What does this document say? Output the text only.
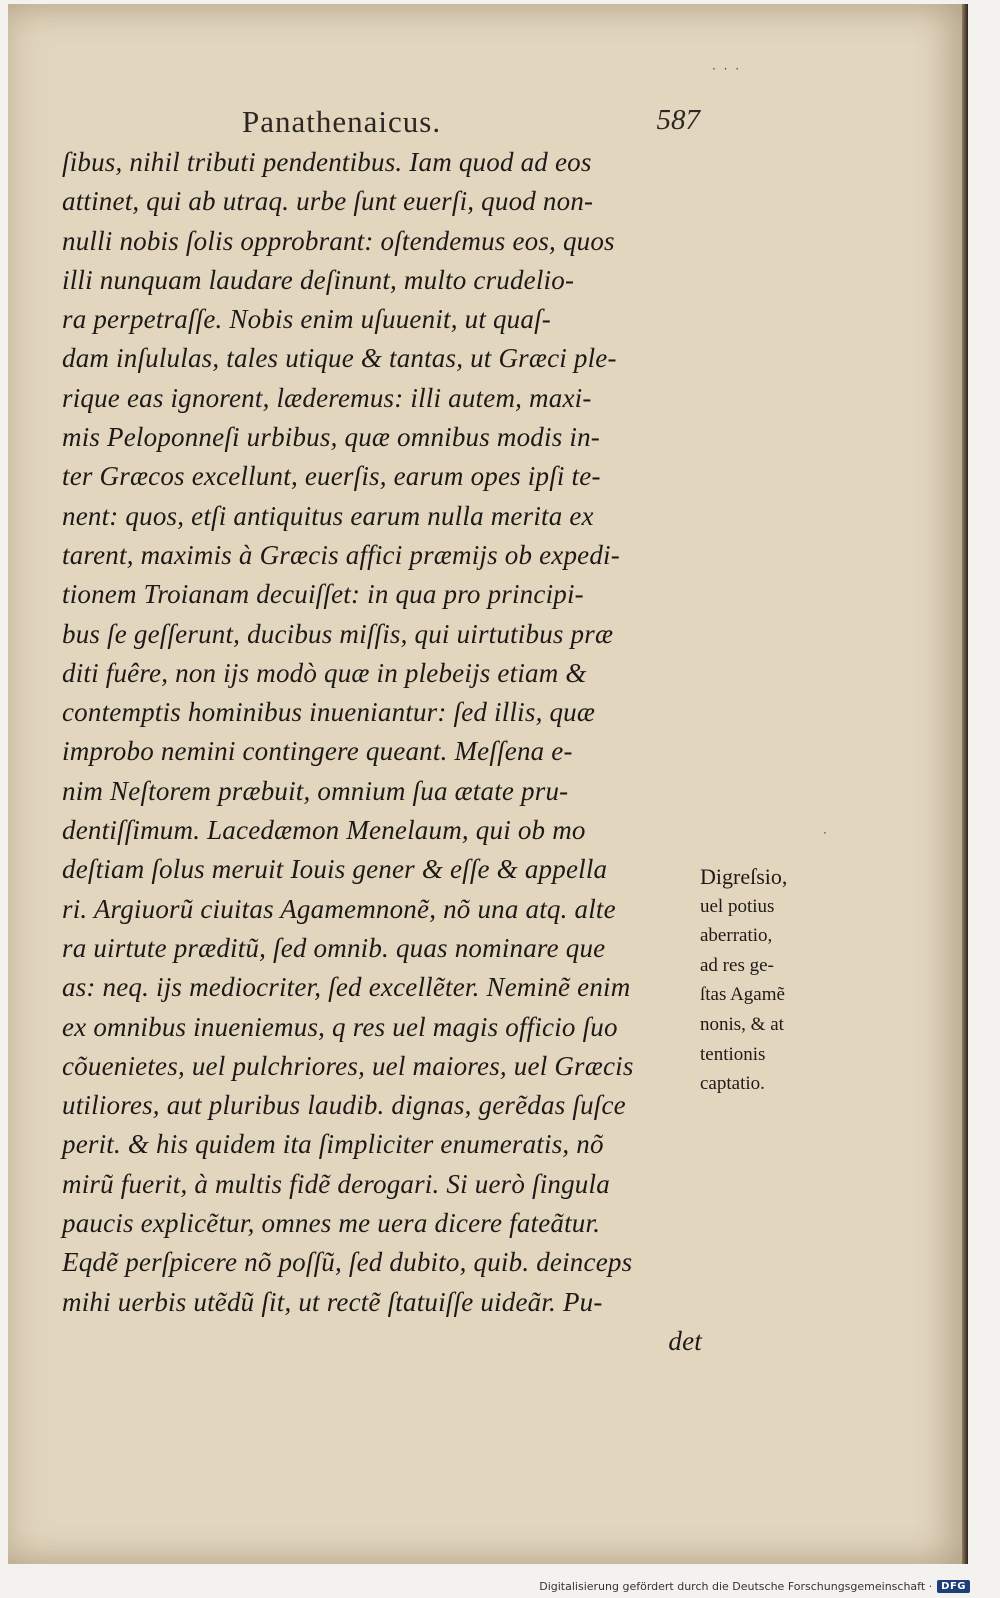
· · ·
Panathenaicus.	587
ſibus, nihil tributi pendentibus. Iam quod ad eos
attinet, qui ab utraq. urbe ſunt euerſi, quod non-
nulli nobis ſolis opprobrant: oſtendemus eos, quos
illi nunquam laudare deſinunt, multo crudelio-
ra perpetraſſe. Nobis enim uſuuenit, ut quaſ-
dam inſululas, tales utique & tantas, ut Græci ple-
rique eas ignorent, læderemus: illi autem, maxi-
mis Peloponneſi urbibus, quæ omnibus modis in-
ter Græcos excellunt, euerſis, earum opes ipſi te-
nent: quos, etſi antiquitus earum nulla merita ex
tarent, maximis à Græcis affici præmijs ob expedi-
tionem Troianam decuiſſet: in qua pro principi-
bus ſe geſſerunt, ducibus miſſis, qui uirtutibus præ
diti fuêre, non ijs modò quæ in plebeijs etiam &
contemptis hominibus inueniantur: ſed illis, quæ
improbo nemini contingere queant. Meſſena e-
nim Neſtorem præbuit, omnium ſua ætate pru-
dentiſſimum. Lacedæmon Menelaum, qui ob mo
deſtiam ſolus meruit Iouis gener & eſſe & appella
ri. Argiuorũ ciuitas Agamemnonẽ, nõ una atq. alte
ra uirtute præditũ, ſed omnib. quas nominare que
as: neq. ijs mediocriter, ſed excellẽter. Neminẽ enim
ex omnibus inueniemus, q res uel magis officio ſuo
cõuenietes, uel pulchriores, uel maiores, uel Græcis
utiliores, aut pluribus laudib. dignas, gerẽdas ſuſce
perit. & his quidem ita ſimpliciter enumeratis, nõ
mirũ fuerit, à multis fidẽ derogari. Si uerò ſingula
paucis explicẽtur, omnes me uera dicere fateãtur.
Eqdẽ perſpicere nõ poſſũ, ſed dubito, quib. deinceps
mihi uerbis utẽdũ ſit, ut rectẽ ſtatuiſſe uideãr. Pu-
det
·
Digreſsio,
uel potius
aberratio,
ad res ge-
ſtas Agamẽ
nonis, & at
tentionis
captatio.
Digitalisierung gefördert durch die Deutsche Forschungsgemeinschaft · DFG
